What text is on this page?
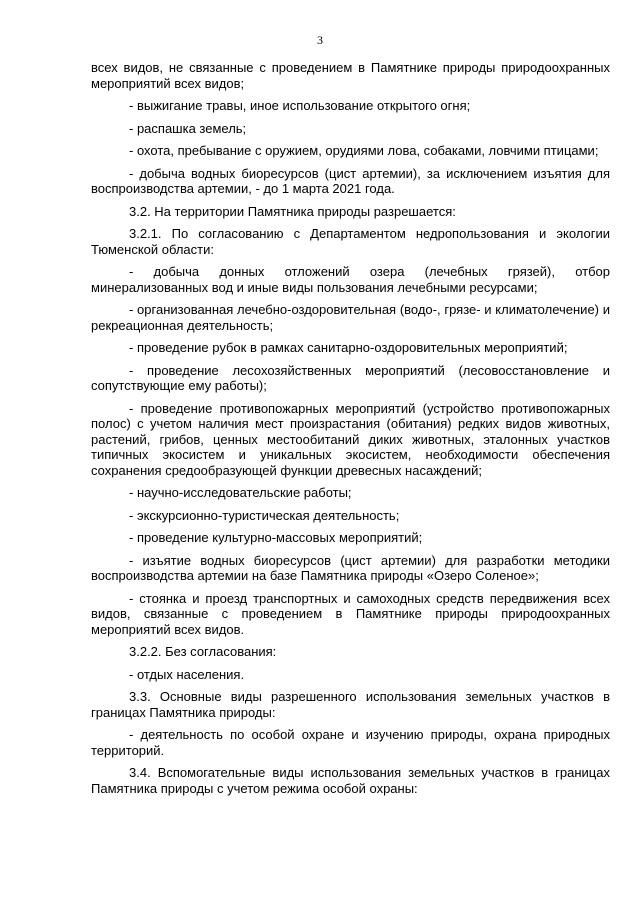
3

всех видов, не связанные с проведением в Памятнике природы природоохранных мероприятий всех видов;

- выжигание травы, иное использование открытого огня;

- распашка земель;

- охота, пребывание с оружием, орудиями лова, собаками, ловчими птицами;

- добыча водных биоресурсов (цист артемии), за исключением изъятия для воспроизводства артемии, - до 1 марта 2021 года.

3.2. На территории Памятника природы разрешается:

3.2.1. По согласованию с Департаментом недропользования и экологии Тюменской области:

- добыча донных отложений озера (лечебных грязей), отбор минерализованных вод и иные виды пользования лечебными ресурсами;

- организованная лечебно-оздоровительная (водо-, грязе- и климатолечение) и рекреационная деятельность;

- проведение рубок в рамках санитарно-оздоровительных мероприятий;

- проведение лесохозяйственных мероприятий (лесовосстановление и сопутствующие ему работы);

- проведение противопожарных мероприятий (устройство противопожарных полос) с учетом наличия мест произрастания (обитания) редких видов животных, растений, грибов, ценных местообитаний диких животных, эталонных участков типичных экосистем и уникальных экосистем, необходимости обеспечения сохранения средообразующей функции древесных насаждений;

- научно-исследовательские работы;

- экскурсионно-туристическая деятельность;

- проведение культурно-массовых мероприятий;

- изъятие водных биоресурсов (цист артемии) для разработки методики воспроизводства артемии на базе Памятника природы «Озеро Соленое»;

- стоянка и проезд транспортных и самоходных средств передвижения всех видов, связанные с проведением в Памятнике природы природоохранных мероприятий всех видов.

3.2.2. Без согласования:

- отдых населения.

3.3. Основные виды разрешенного использования земельных участков в границах Памятника природы:

- деятельность по особой охране и изучению природы, охрана природных территорий.

3.4. Вспомогательные виды использования земельных участков в границах Памятника природы с учетом режима особой охраны:
